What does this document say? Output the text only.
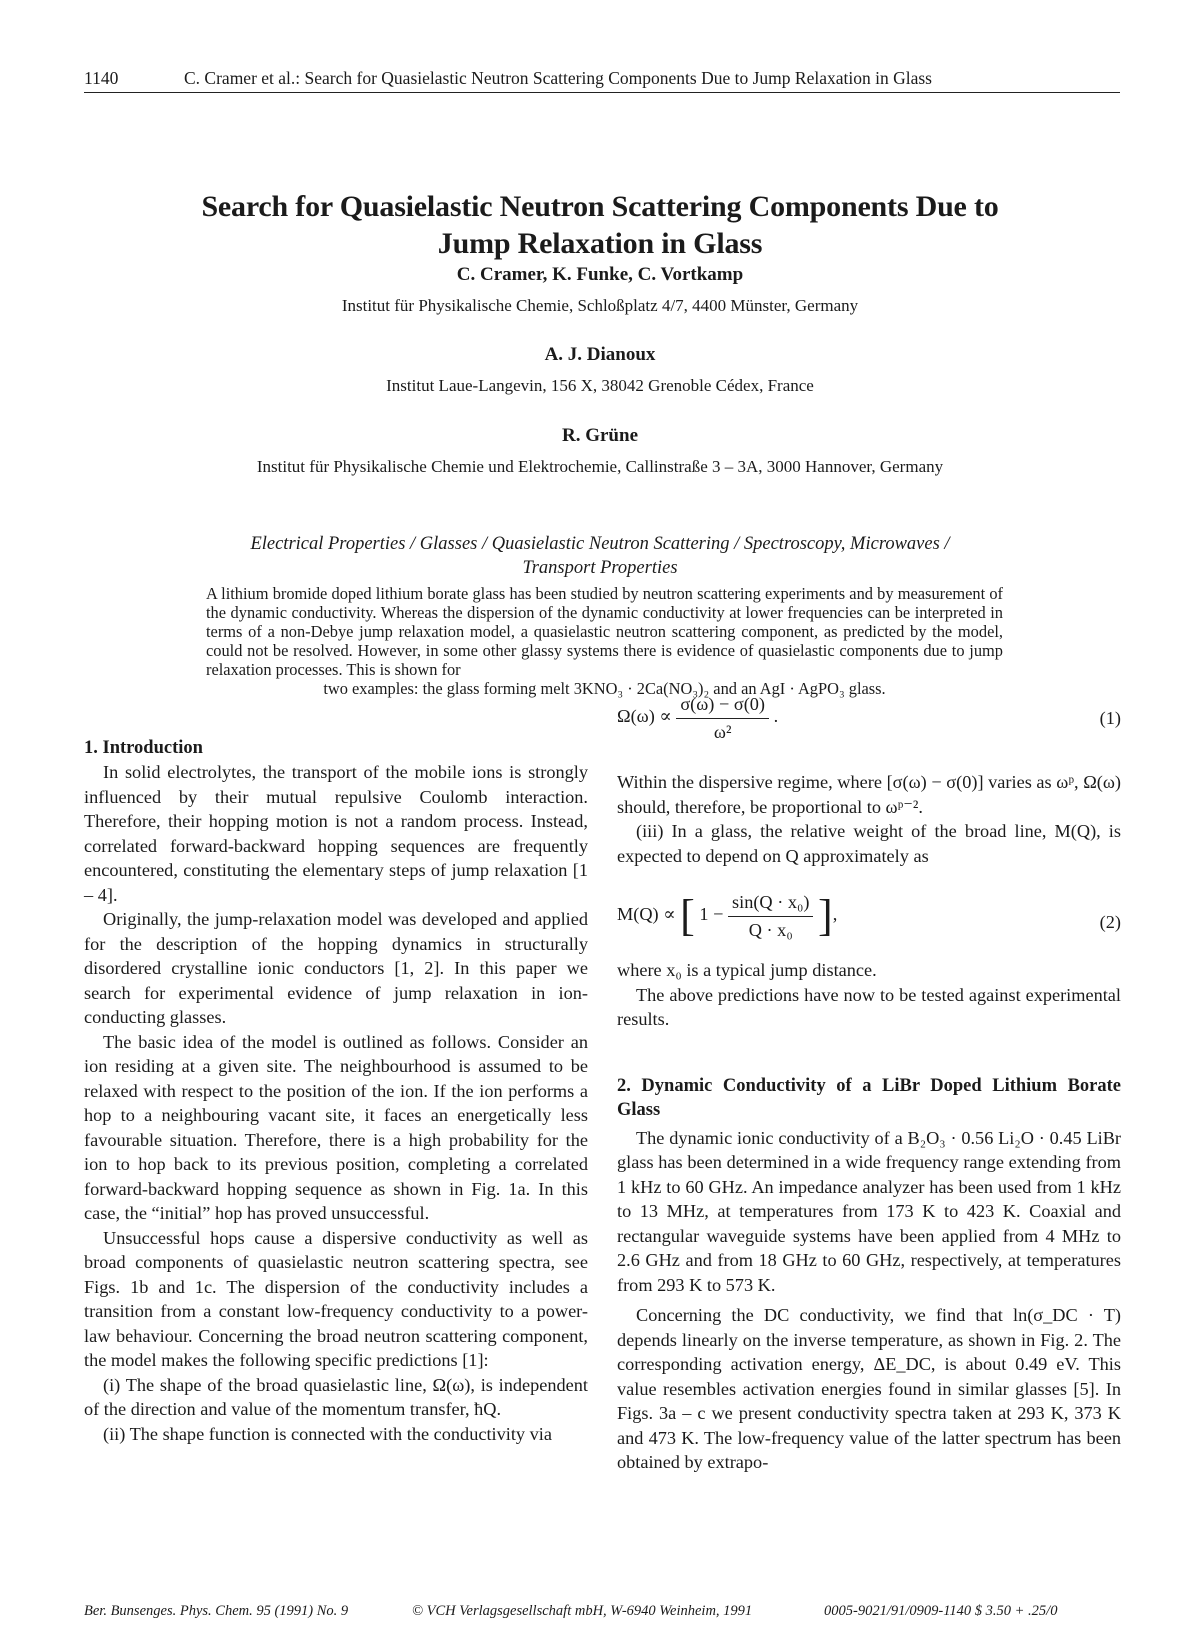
1140	C. Cramer et al.: Search for Quasielastic Neutron Scattering Components Due to Jump Relaxation in Glass
Search for Quasielastic Neutron Scattering Components Due to
Jump Relaxation in Glass
C. Cramer, K. Funke, C. Vortkamp
Institut für Physikalische Chemie, Schloßplatz 4/7, 4400 Münster, Germany
A. J. Dianoux
Institut Laue-Langevin, 156 X, 38042 Grenoble Cédex, France
R. Grüne
Institut für Physikalische Chemie und Elektrochemie, Callinstraße 3 – 3A, 3000 Hannover, Germany
Electrical Properties / Glasses / Quasielastic Neutron Scattering / Spectroscopy, Microwaves /
Transport Properties
A lithium bromide doped lithium borate glass has been studied by neutron scattering experiments and by measurement of the dynamic conductivity. Whereas the dispersion of the dynamic conductivity at lower frequencies can be interpreted in terms of a non-Debye jump relaxation model, a quasielastic neutron scattering component, as predicted by the model, could not be resolved. However, in some other glassy systems there is evidence of quasielastic components due to jump relaxation processes. This is shown for
two examples: the glass forming melt 3KNO₃ · 2Ca(NO₃)₂ and an AgI · AgPO₃ glass.

1. Introduction

In solid electrolytes, the transport of the mobile ions is strongly influenced by their mutual repulsive Coulomb interaction. Therefore, their hopping motion is not a random process. Instead, correlated forward-backward hopping sequences are frequently encountered, constituting the elementary steps of jump relaxation [1 – 4].

Originally, the jump-relaxation model was developed and applied for the description of the hopping dynamics in structurally disordered crystalline ionic conductors [1, 2]. In this paper we search for experimental evidence of jump relaxation in ion-conducting glasses.

The basic idea of the model is outlined as follows. Consider an ion residing at a given site. The neighbourhood is assumed to be relaxed with respect to the position of the ion. If the ion performs a hop to a neighbouring vacant site, it faces an energetically less favourable situation. Therefore, there is a high probability for the ion to hop back to its previous position, completing a correlated forward-backward hopping sequence as shown in Fig. 1a. In this case, the “initial” hop has proved unsuccessful.

Unsuccessful hops cause a dispersive conductivity as well as broad components of quasielastic neutron scattering spectra, see Figs. 1b and 1c. The dispersion of the conductivity includes a transition from a constant low-frequency conductivity to a power-law behaviour. Concerning the broad neutron scattering component, the model makes the following specific predictions [1]:

(i) The shape of the broad quasielastic line, Ω(ω), is independent of the direction and value of the momentum transfer, ħQ.

(ii) The shape function is connected with the conductivity via

$\Omega(\omega) \propto \frac{\sigma(\omega) - \sigma(0)}{\text{ω²}}$ .	(1)

Within the dispersive regime, where [σ(ω) − σ(0)] varies as ωᵖ, Ω(ω) should, therefore, be proportional to ωᵖ⁻².

(iii) In a glass, the relative weight of the broad line, M(Q), is expected to depend on Q approximately as

M(Q) ∝ [ $1 - \frac{\text{sin(Q · x₀)}}{\text{Q · x₀}}$ ],	(2)

where x₀ is a typical jump distance.

The above predictions have now to be tested against experimental results.

2. Dynamic Conductivity of a LiBr Doped Lithium Borate Glass

The dynamic ionic conductivity of a B₂O₃ · 0.56 Li₂O · 0.45 LiBr glass has been determined in a wide frequency range extending from 1 kHz to 60 GHz. An impedance analyzer has been used from 1 kHz to 13 MHz, at temperatures from 173 K to 423 K. Coaxial and rectangular waveguide systems have been applied from 4 MHz to 2.6 GHz and from 18 GHz to 60 GHz, respectively, at temperatures from 293 K to 573 K.

Concerning the DC conductivity, we find that ln(σ_DC · T) depends linearly on the inverse temperature, as shown in Fig. 2. The corresponding activation energy, ΔE_DC, is about 0.49 eV. This value resembles activation energies found in similar glasses [5]. In Figs. 3a – c we present conductivity spectra taken at 293 K, 373 K and 473 K. The low-frequency value of the latter spectrum has been obtained by extrapo-

Ber. Bunsenges. Phys. Chem. 95 (1991) No. 9	© VCH Verlagsgesellschaft mbH, W-6940 Weinheim, 1991	0005-9021/91/0909-1140 $ 3.50 + .25/0
